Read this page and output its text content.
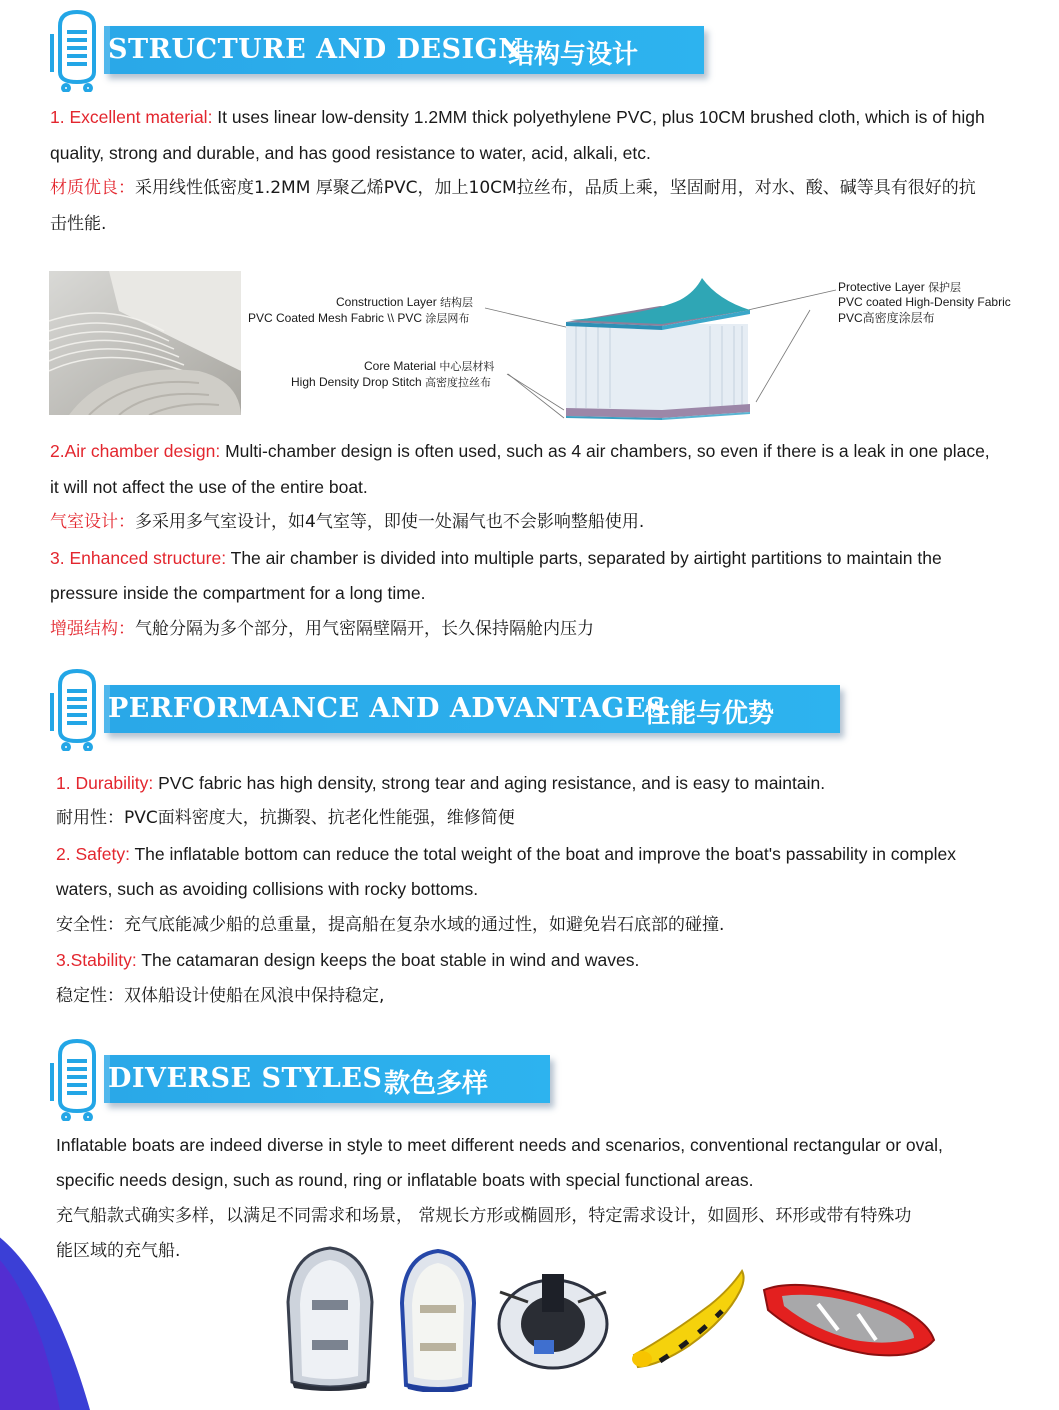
STRUCTURE AND DESIGN
结构与设计
1. Excellent material: It uses linear low-density 1.2MM thick polyethylene PVC, plus 10CM brushed cloth, which is of high
quality, strong and durable, and has good resistance to water, acid, alkali, etc.
材质优良：采用线性低密度1.2MM 厚聚乙烯PVC，加上10CM拉丝布，品质上乘，坚固耐用，对水、酸、碱等具有很好的抗
击性能.
Construction Layer 结构层
PVC Coated Mesh Fabric \\ PVC 涂层网布
Core Material 中心层材料
High Density Drop Stitch 高密度拉丝布
Protective Layer 保护层
PVC coated High-Density Fabric
PVC高密度涂层布
2.Air chamber design: Multi-chamber design is often used, such as 4 air chambers, so even if there is a leak in one place,
it will not affect the use of the entire boat.
气室设计：多采用多气室设计，如4气室等，即使一处漏气也不会影响整船使用.
3. Enhanced structure: The air chamber is divided into multiple parts, separated by airtight partitions to maintain the
pressure inside the compartment for a long time.
增强结构：气舱分隔为多个部分，用气密隔壁隔开，长久保持隔舱内压力
PERFORMANCE AND ADVANTAGES
性能与优势
1. Durability: PVC fabric has high density, strong tear and aging resistance, and is easy to maintain.
耐用性：PVC面料密度大，抗撕裂、抗老化性能强，维修简便
2. Safety: The inflatable bottom can reduce the total weight of the boat and improve the boat's passability in complex
waters, such as avoiding collisions with rocky bottoms.
安全性：充气底能减少船的总重量，提高船在复杂水域的通过性，如避免岩石底部的碰撞.
3.Stability: The catamaran design keeps the boat stable in wind and waves.
稳定性：双体船设计使船在风浪中保持稳定,
DIVERSE STYLES 款色多样
Inflatable boats are indeed diverse in style to meet different needs and scenarios, conventional rectangular or oval,
specific needs design, such as round, ring or inflatable boats with special functional areas.
充气船款式确实多样，以满足不同需求和场景， 常规长方形或椭圆形，特定需求设计，如圆形、环形或带有特殊功
能区域的充气船.
